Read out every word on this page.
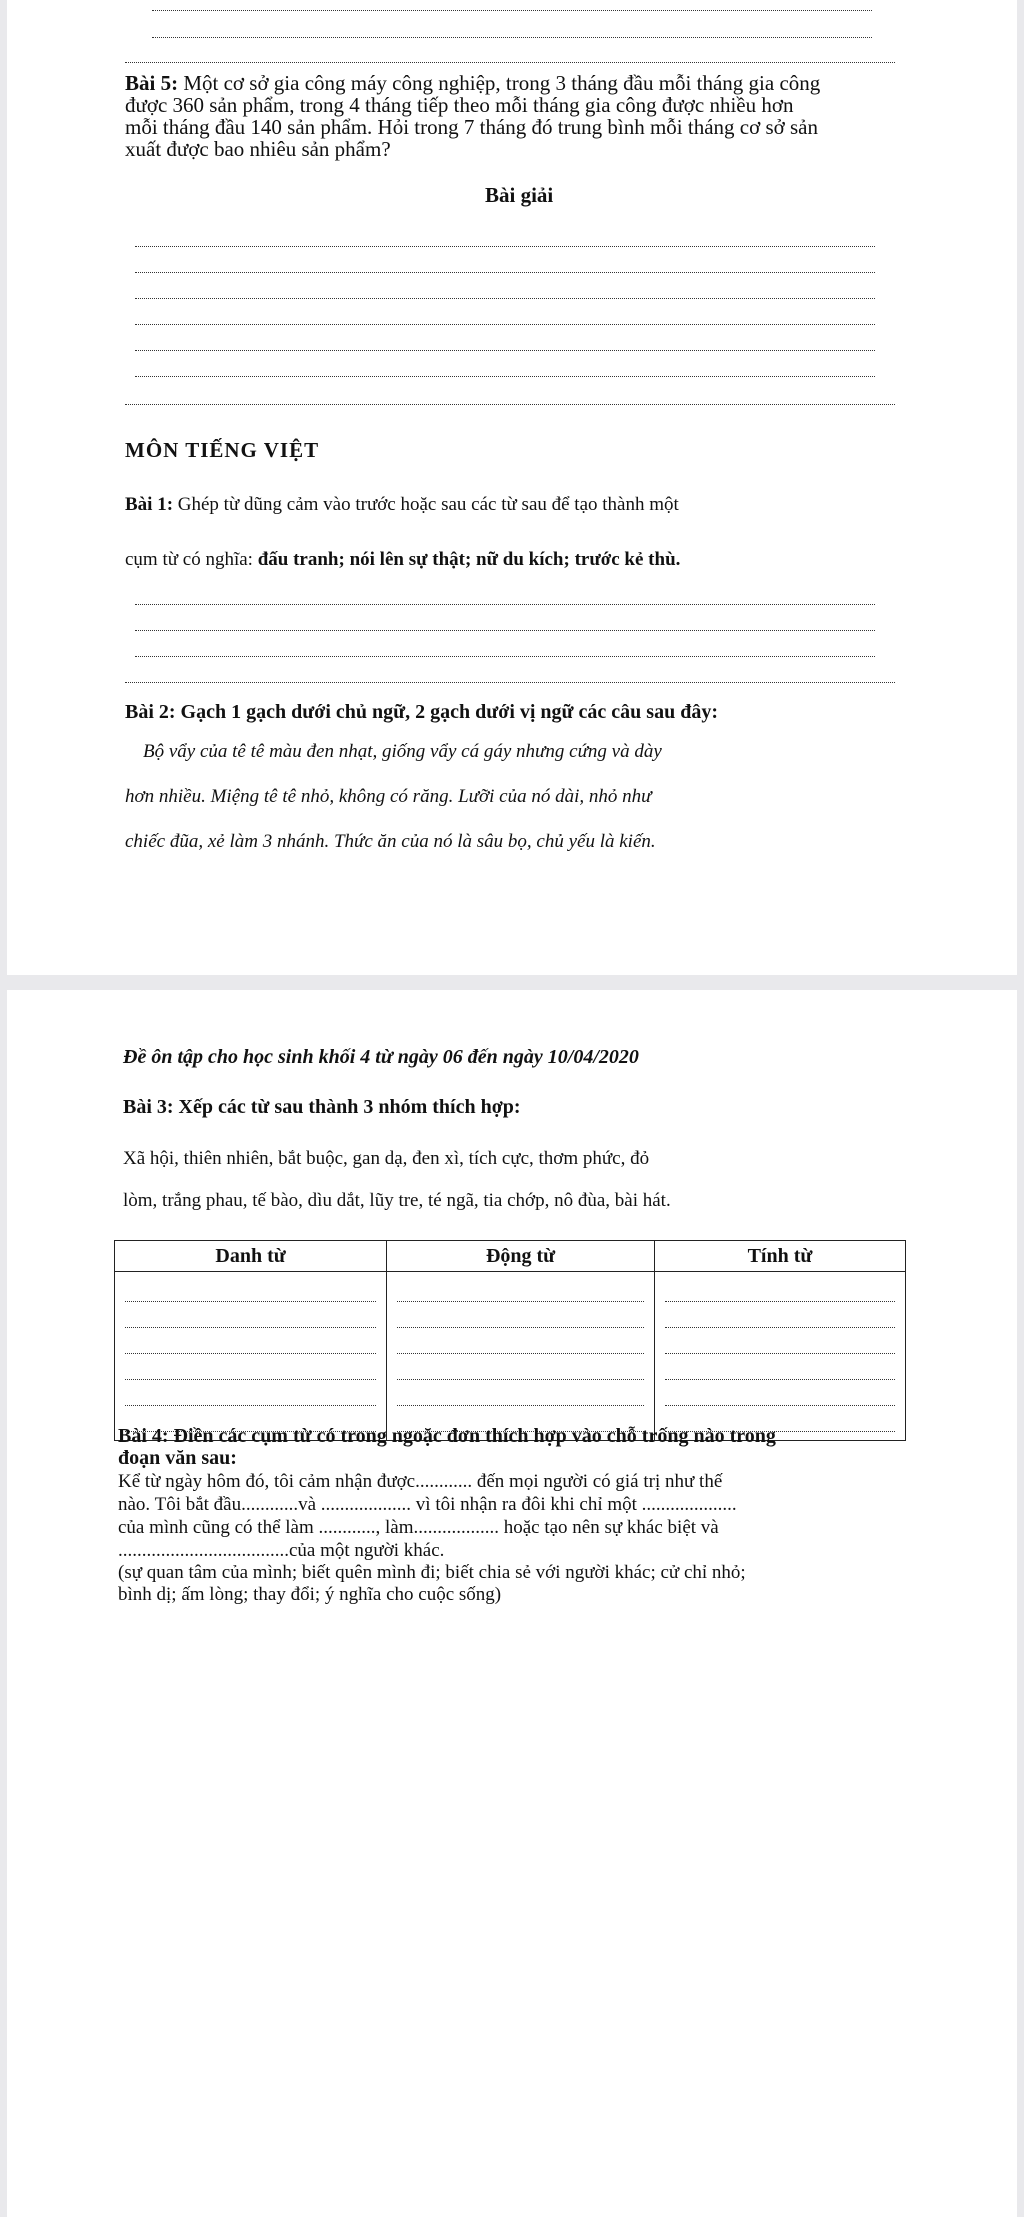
Bài 5: Một cơ sở gia công máy công nghiệp, trong 3 tháng đầu mỗi tháng gia công
được 360 sản phẩm, trong 4 tháng tiếp theo mỗi tháng gia công được nhiều hơn
mỗi tháng đầu 140 sản phẩm. Hỏi trong 7 tháng đó trung bình mỗi tháng cơ sở sản
xuất được bao nhiêu sản phẩm?
Bài giải
MÔN TIẾNG VIỆT
Bài 1: Ghép từ dũng cảm vào trước hoặc sau các từ sau để tạo thành một
cụm từ có nghĩa: đấu tranh; nói lên sự thật; nữ du kích; trước kẻ thù.
Bài 2: Gạch 1 gạch dưới chủ ngữ, 2 gạch dưới vị ngữ các câu sau đây:
Bộ vẩy của tê tê màu đen nhạt, giống vẩy cá gáy nhưng cứng và dày
hơn nhiều. Miệng tê tê nhỏ, không có răng. Lưỡi của nó dài, nhỏ như
chiếc đũa, xẻ làm 3 nhánh. Thức ăn của nó là sâu bọ, chủ yếu là kiến.
Đề ôn tập cho học sinh khối 4 từ ngày 06 đến ngày 10/04/2020
Bài 3: Xếp các từ sau thành 3 nhóm thích hợp:
Xã hội, thiên nhiên, bắt buộc, gan dạ, đen xì, tích cực, thơm phức, đỏ
lòm, trắng phau, tế bào, dìu dắt, lũy tre, té ngã, tia chớp, nô đùa, bài hát.
Danh từ	Động từ	Tính từ

Bài 4: Điền các cụm từ có trong ngoặc đơn thích hợp vào chỗ trống nào trong
đoạn văn sau:
Kể từ ngày hôm đó, tôi cảm nhận được............ đến mọi người có giá trị như thế
nào. Tôi bắt đầu............và ................... vì tôi nhận ra đôi khi chỉ một ....................
của mình cũng có thể làm ............, làm.................. hoặc tạo nên sự khác biệt và
....................................của một người khác.
(sự quan tâm của mình; biết quên mình đi; biết chia sẻ với người khác; cử chỉ nhỏ;
bình dị; ấm lòng; thay đổi; ý nghĩa cho cuộc sống)
